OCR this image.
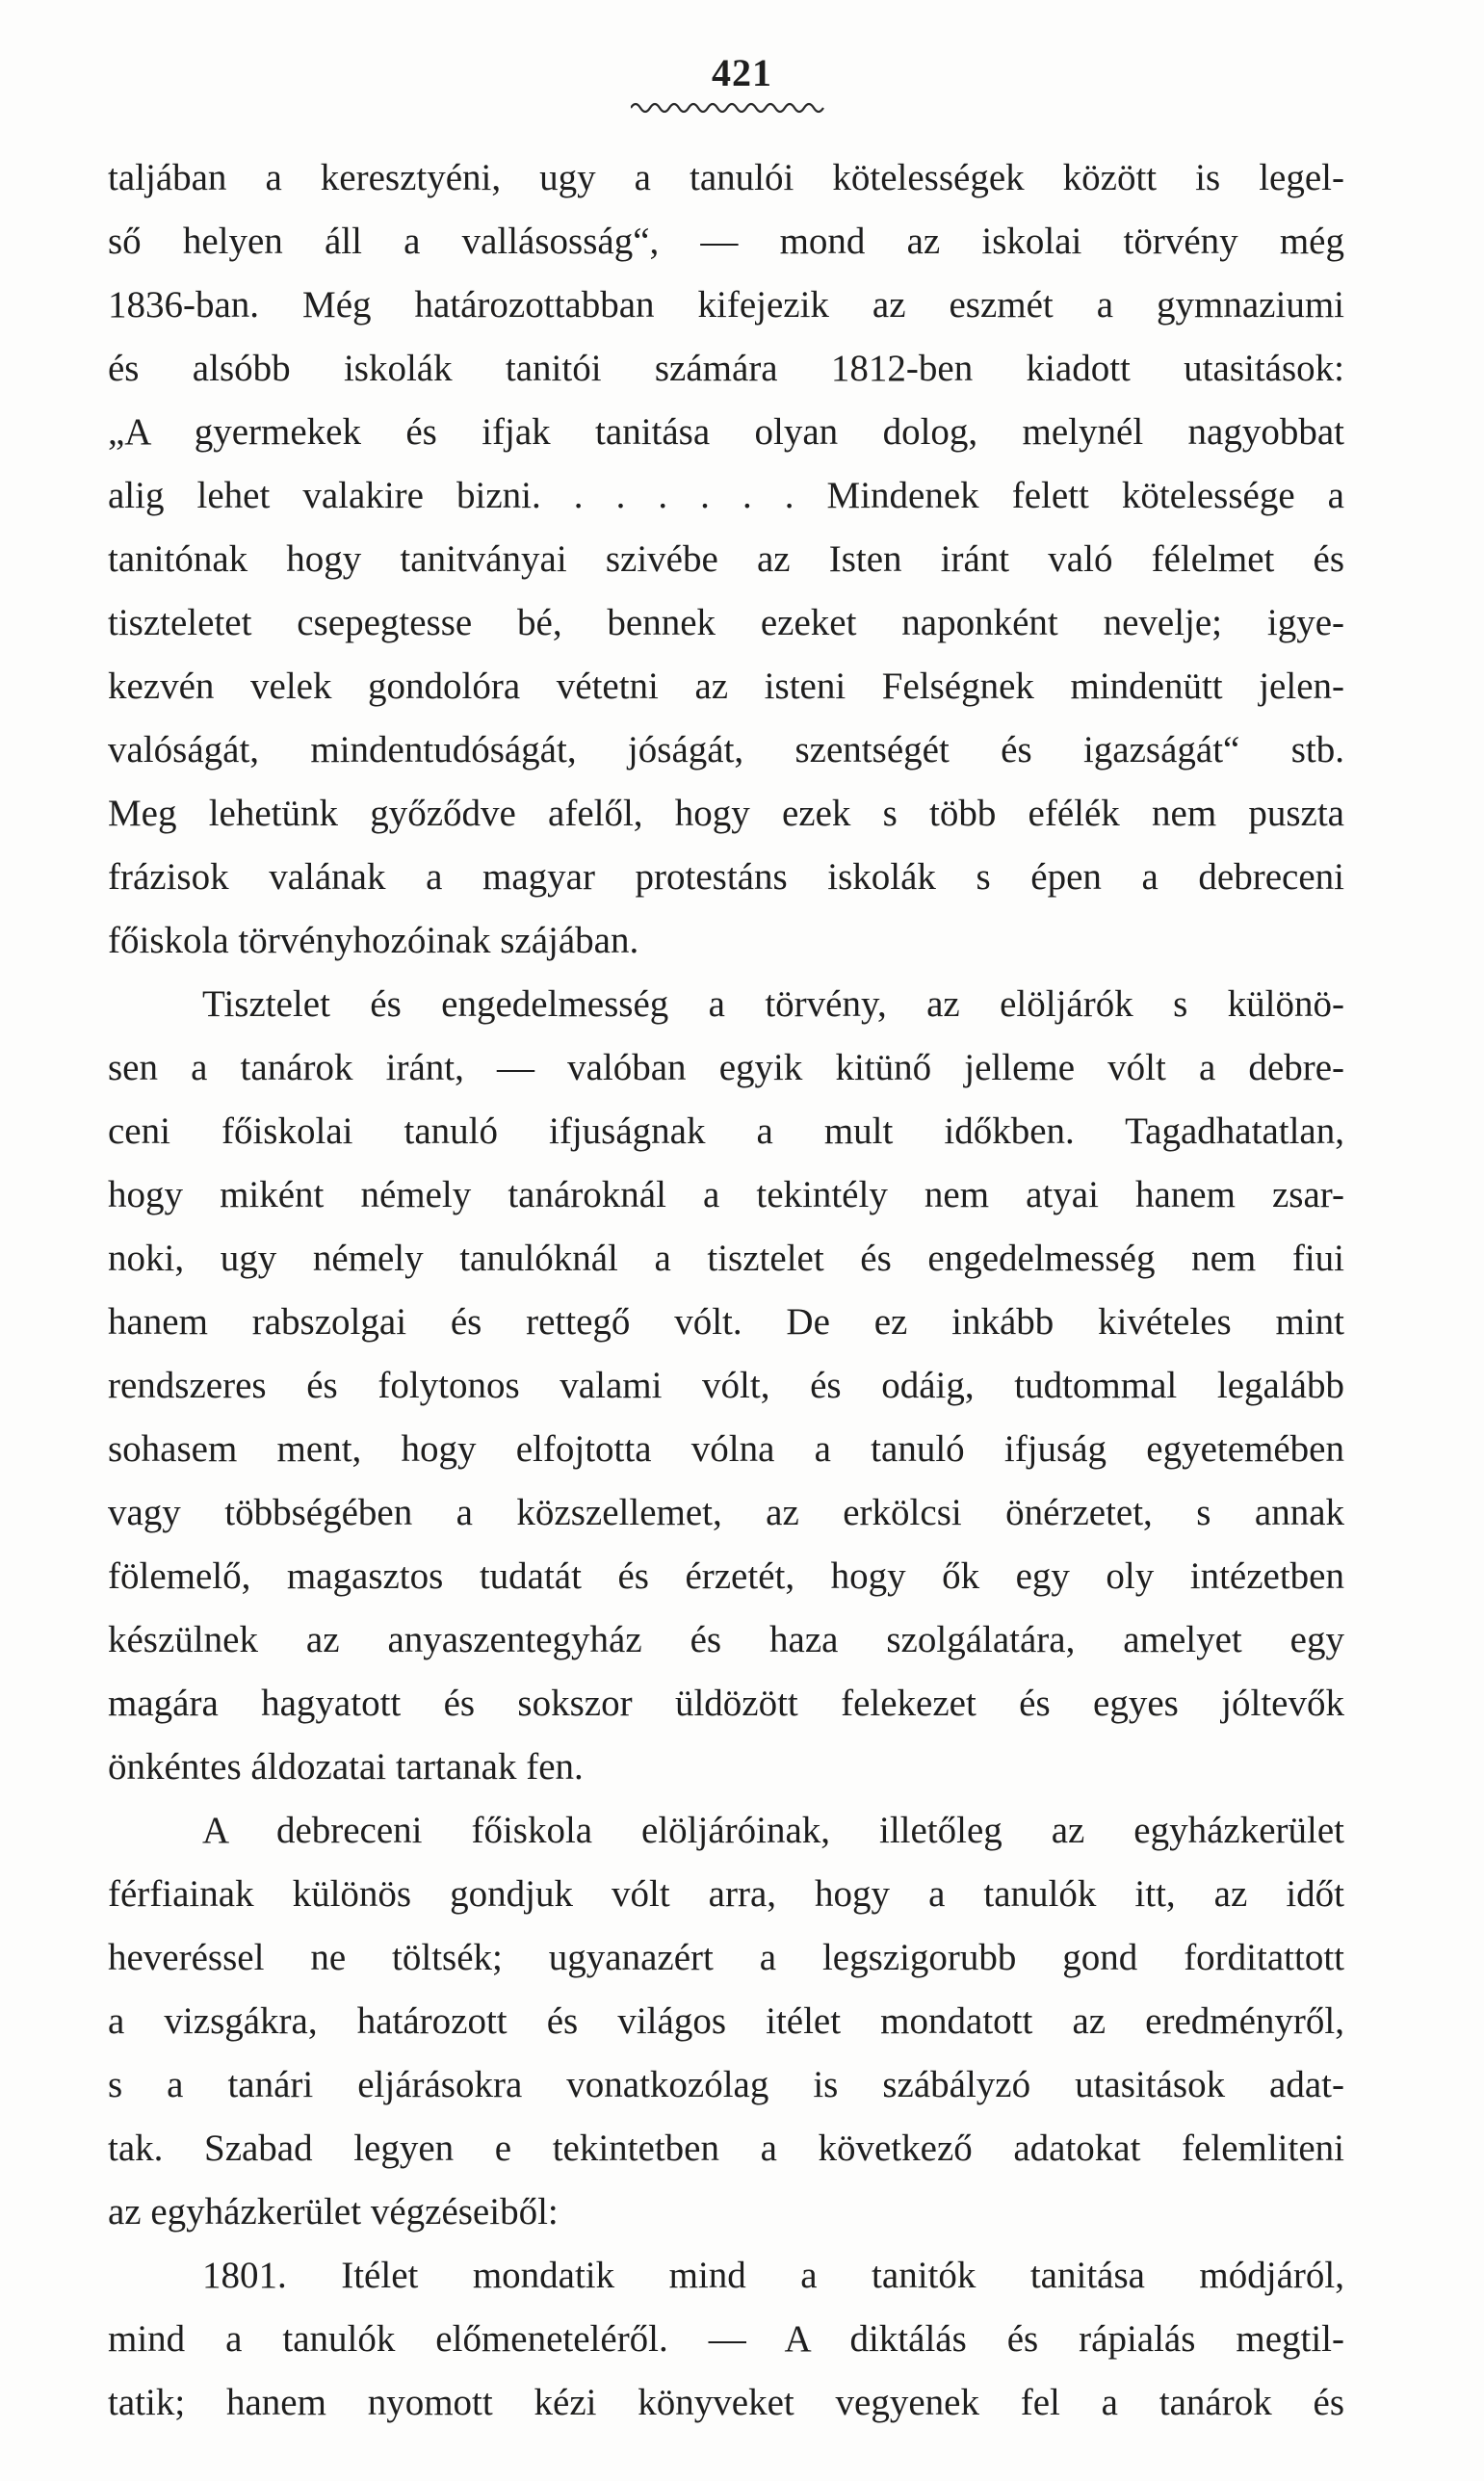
421
taljában a keresztyéni, ugy a tanulói kötelességek között is legel-
ső helyen áll a vallásosság“, — mond az iskolai törvény még
1836-ban. Még határozottabban kifejezik az eszmét a gymnaziumi
és alsóbb iskolák tanitói számára 1812-ben kiadott utasitások:
„A gyermekek és ifjak tanitása olyan dolog, melynél nagyobbat
alig lehet valakire bizni. . . . . . . Mindenek felett kötelessége a
tanitónak hogy tanitványai szivébe az Isten iránt való félelmet és
tiszteletet csepegtesse bé, bennek ezeket naponként nevelje; igye-
kezvén velek gondolóra vétetni az isteni Felségnek mindenütt jelen-
valóságát, mindentudóságát, jóságát, szentségét és igazságát“ stb.
Meg lehetünk győződve afelől, hogy ezek s több efélék nem puszta
frázisok valának a magyar protestáns iskolák s épen a debreceni
főiskola törvényhozóinak szájában.
Tisztelet és engedelmesség a törvény, az elöljárók s különö-
sen a tanárok iránt, — valóban egyik kitünő jelleme vólt a debre-
ceni főiskolai tanuló ifjuságnak a mult időkben. Tagadhatatlan,
hogy miként némely tanároknál a tekintély nem atyai hanem zsar-
noki, ugy némely tanulóknál a tisztelet és engedelmesség nem fiui
hanem rabszolgai és rettegő vólt. De ez inkább kivételes mint
rendszeres és folytonos valami vólt, és odáig, tudtommal legalább
sohasem ment, hogy elfojtotta vólna a tanuló ifjuság egyetemében
vagy többségében a közszellemet, az erkölcsi önérzetet, s annak
fölemelő, magasztos tudatát és érzetét, hogy ők egy oly intézetben
készülnek az anyaszentegyház és haza szolgálatára, amelyet egy
magára hagyatott és sokszor üldözött felekezet és egyes jóltevők
önkéntes áldozatai tartanak fen.
A debreceni főiskola elöljáróinak, illetőleg az egyházkerület
férfiainak különös gondjuk vólt arra, hogy a tanulók itt, az időt
heveréssel ne töltsék; ugyanazért a legszigorubb gond forditattott
a vizsgákra, határozott és világos itélet mondatott az eredményről,
s a tanári eljárásokra vonatkozólag is szábályzó utasitások adat-
tak. Szabad legyen e tekintetben a következő adatokat felemliteni
az egyházkerület végzéseiből:
1801. Itélet mondatik mind a tanitók tanitása módjáról,
mind a tanulók előmeneteléről. — A diktálás és rápialás megtil-
tatik; hanem nyomott kézi könyveket vegyenek fel a tanárok és
